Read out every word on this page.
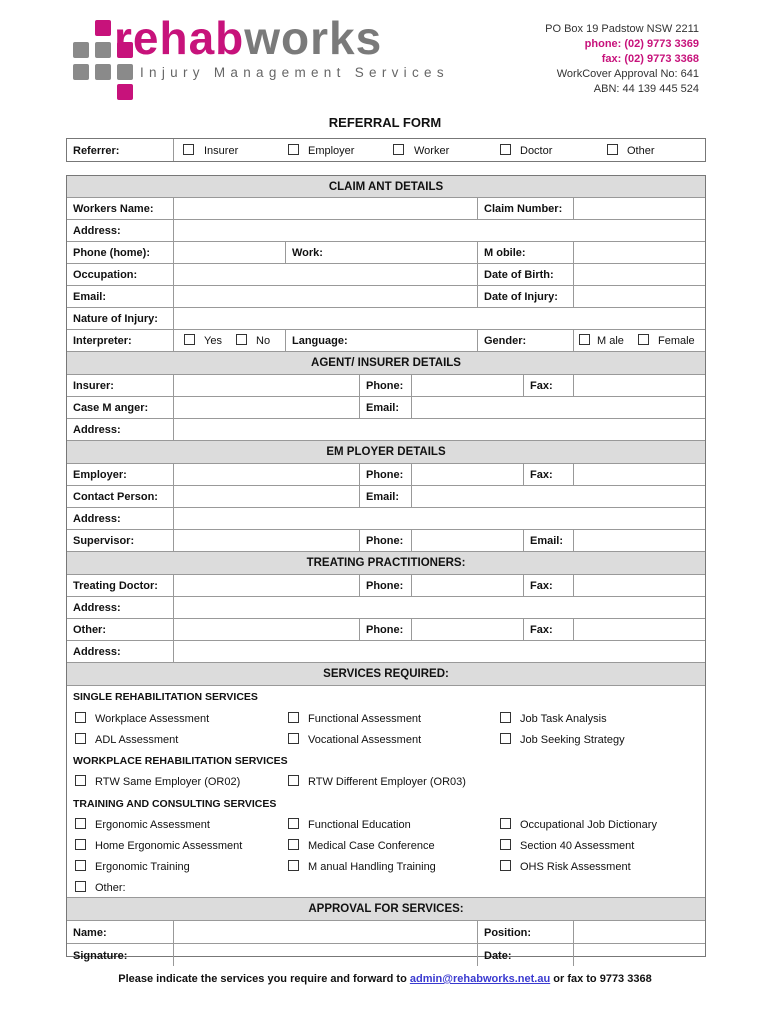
rehabworks
Injury Management Services
PO Box 19 Padstow NSW 2211
phone: (02) 9773 3369
fax: (02) 9773 3368
WorkCover Approval No: 641
ABN: 44 139 445 524
REFERRAL FORM
Referrer:	Insurer	Employer	Worker	Doctor	Other
CLAIM ANT DETAILS
Workers Name:	Claim Number:
Address:
Phone (home):	Work:	M obile:
Occupation:	Date of Birth:
Email:	Date of Injury:
Nature of Injury:
Interpreter:	Yes	No Language:	Gender:	M ale	Female
AGENT/ INSURER DETAILS
Insurer:	Phone:	Fax:
Case M anger:	Email:
Address:
EM PLOYER DETAILS
Employer:	Phone:	Fax:
Contact Person:	Email:
Address:
Supervisor:	Phone:	Email:
TREATING PRACTITIONERS:
Treating Doctor:	Phone:	Fax:
Address:
Other:	Phone:	Fax:
Address:
SERVICES REQUIRED:
SINGLE REHABILITATION SERVICES
Workplace Assessment	Functional Assessment	Job Task Analysis
ADL Assessment	Vocational Assessment	Job Seeking Strategy
WORKPLACE REHABILITATION SERVICES
RTW Same Employer (OR02)	RTW Different Employer (OR03)
TRAINING AND CONSULTING SERVICES
Ergonomic Assessment	Functional Education	Occupational Job Dictionary
Home Ergonomic Assessment	Medical Case Conference	Section 40 Assessment
Ergonomic Training	M anual Handling Training	OHS Risk Assessment
Other:
APPROVAL FOR SERVICES:
Name:	Position:
Signature:	Date:
Please indicate the services you require and forward to admin@rehabworks.net.au or fax to 9773 3368
